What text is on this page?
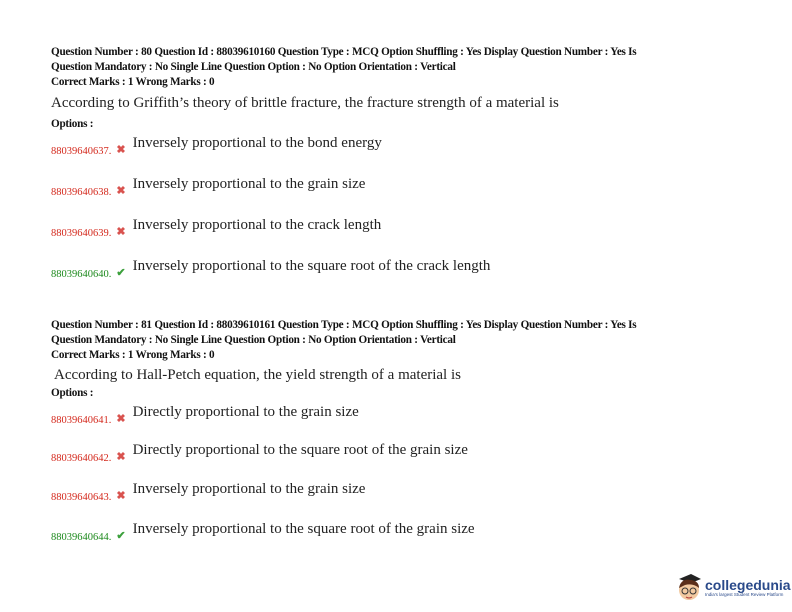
Question Number : 80 Question Id : 88039610160 Question Type : MCQ Option Shuffling : Yes Display Question Number : Yes Is
Question Mandatory : No Single Line Question Option : No Option Orientation : Vertical
Correct Marks : 1 Wrong Marks : 0
According to Griffith’s theory of brittle fracture, the fracture strength of a material is
Options :
88039640637. ✖ Inversely proportional to the bond energy
88039640638. ✖ Inversely proportional to the grain size
88039640639. ✖ Inversely proportional to the crack length
88039640640. ✔ Inversely proportional to the square root of the crack length
Question Number : 81 Question Id : 88039610161 Question Type : MCQ Option Shuffling : Yes Display Question Number : Yes Is
Question Mandatory : No Single Line Question Option : No Option Orientation : Vertical
Correct Marks : 1 Wrong Marks : 0
According to Hall-Petch equation, the yield strength of a material is
Options :
88039640641. ✖ Directly proportional to the grain size
88039640642. ✖ Directly proportional to the square root of the grain size
88039640643. ✖ Inversely proportional to the grain size
88039640644. ✔ Inversely proportional to the square root of the grain size
collegedunia
India's largest Student Review Platform
